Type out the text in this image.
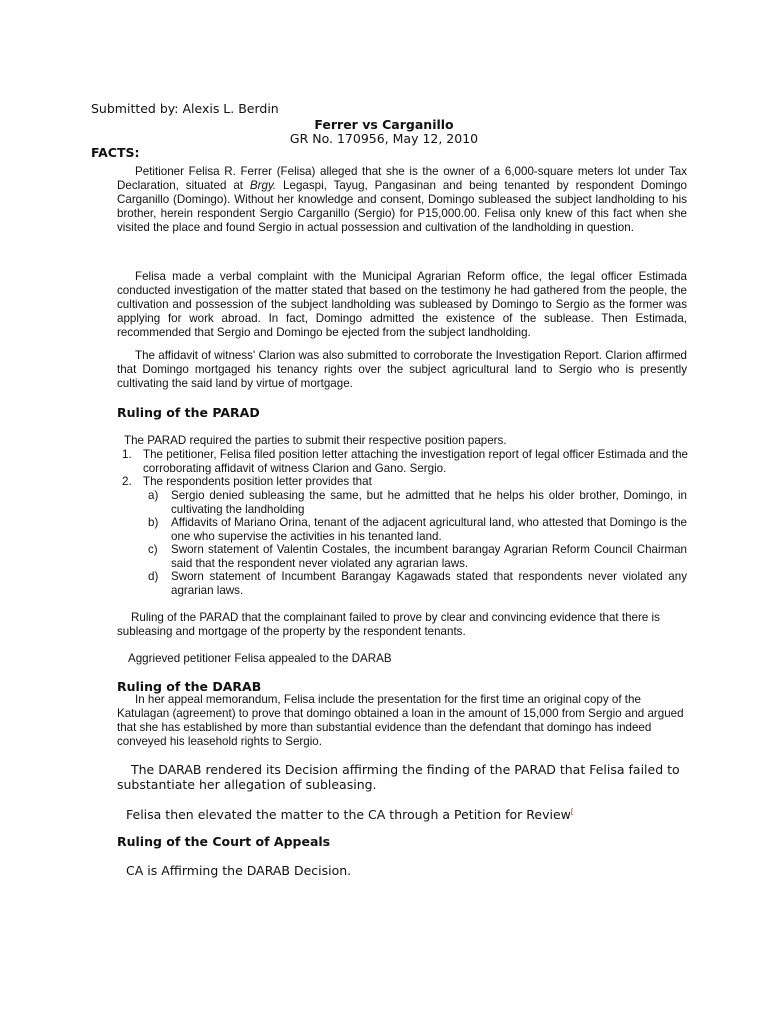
Submitted by: Alexis L. Berdin

Ferrer vs Carganillo

GR No. 170956, May 12, 2010

FACTS:

Petitioner Felisa R. Ferrer (Felisa) alleged that she is the owner of a 6,000-square meters lot under Tax Declaration, situated at Brgy. Legaspi, Tayug, Pangasinan and being tenanted by respondent Domingo Carganillo (Domingo). Without her knowledge and consent, Domingo subleased the subject landholding to his brother, herein respondent Sergio Carganillo (Sergio) for P15,000.00. Felisa only knew of this fact when she visited the place and found Sergio in actual possession and cultivation of the landholding in question.

Felisa made a verbal complaint with the Municipal Agrarian Reform office, the legal officer Estimada conducted investigation of the matter stated that based on the testimony he had gathered from the people, the cultivation and possession of the subject landholding was subleased by Domingo to Sergio as the former was applying for work abroad. In fact, Domingo admitted the existence of the sublease. Then Estimada, recommended that Sergio and Domingo be ejected from the subject landholding.

The affidavit of witness' Clarion was also submitted to corroborate the Investigation Report. Clarion affirmed that Domingo mortgaged his tenancy rights over the subject agricultural land to Sergio who is presently cultivating the said land by virtue of mortgage.

Ruling of the PARAD

The PARAD required the parties to submit their respective position papers.

1. The petitioner, Felisa filed position letter attaching the investigation report of legal officer Estimada and the corroborating affidavit of witness Clarion and Gano. Sergio.
2. The respondents position letter provides that
a) Sergio denied subleasing the same, but he admitted that he helps his older brother, Domingo, in cultivating the landholding
b) Affidavits of Mariano Orina, tenant of the adjacent agricultural land, who attested that Domingo is the one who supervise the activities in his tenanted land.
c) Sworn statement of Valentin Costales, the incumbent barangay Agrarian Reform Council Chairman said that the respondent never violated any agrarian laws.
d) Sworn statement of Incumbent Barangay Kagawads stated that respondents never violated any agrarian laws.

Ruling of the PARAD that the complainant failed to prove by clear and convincing evidence that there is subleasing and mortgage of the property by the respondent tenants.

Aggrieved petitioner Felisa appealed to the DARAB

Ruling of the DARAB

In her appeal memorandum, Felisa include the presentation for the first time an original copy of the Katulagan (agreement) to prove that domingo obtained a loan in the amount of 15,000 from Sergio and argued that she has established by more than substantial evidence than the defendant that domingo has indeed conveyed his leasehold rights to Sergio.

The DARAB rendered its Decision affirming the finding of the PARAD that Felisa failed to substantiate her allegation of subleasing.

Felisa then elevated the matter to the CA through a Petition for Review[

Ruling of the Court of Appeals

CA is Affirming the DARAB Decision.
